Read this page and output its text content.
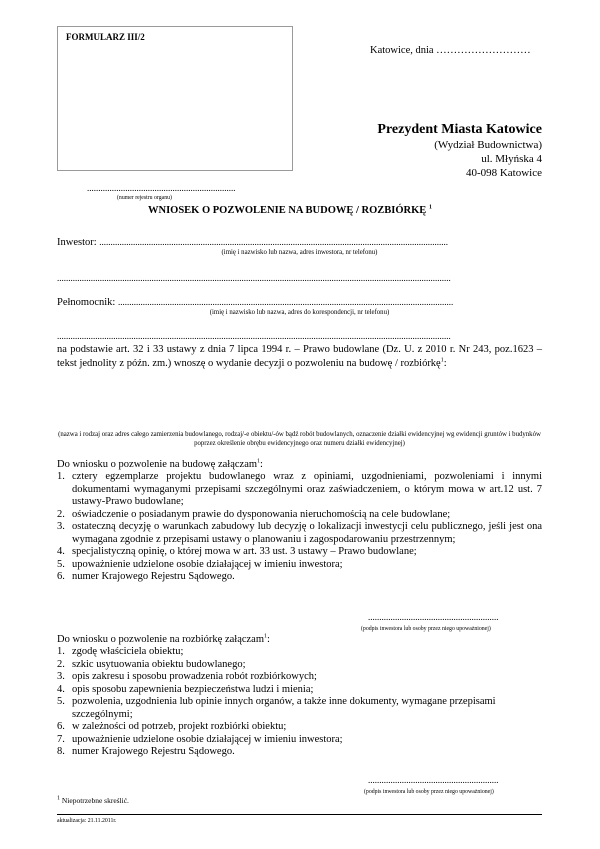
FORMULARZ III/2
Katowice, dnia ………………………
Prezydent Miasta Katowice
(Wydział Budownictwa)
ul. Młyńska 4
40-098 Katowice
..................................................................
(numer rejestru organu)
WNIOSEK O POZWOLENIE NA BUDOWĘ / ROZBIÓRKĘ $^1$
Inwestor: ...........................................................................................................................................................
(imię i nazwisko lub nazwa, adres inwestora, nr telefonu)
...............................................................................................................................................................................
Pełnomocnik: .....................................................................................................................................................
(imię i nazwisko lub nazwa, adres do korespondencji, nr telefonu)
...............................................................................................................................................................................
na podstawie art. 32 i 33 ustawy z dnia 7 lipca 1994 r. – Prawo budowlane (Dz. U. z 2010 r. Nr 243, poz.1623 – tekst jednolity z późn. zm.) wnoszę o wydanie decyzji o pozwoleniu na budowę / rozbiórkę$^1$:
(nazwa i rodzaj oraz adres całego zamierzenia budowlanego, rodzaj/-e obiektu/-ów bądź robót budowlanych, oznaczenie działki ewidencyjnej wg ewidencji gruntów i budynków poprzez określenie obrębu ewidencyjnego oraz numeru działki ewidencyjnej)
Do wniosku o pozwolenie na budowę załączam$^1$:
1. cztery egzemplarze projektu budowlanego wraz z opiniami, uzgodnieniami, pozwoleniami i innymi dokumentami wymaganymi przepisami szczególnymi oraz zaświadczeniem, o którym mowa w art.12 ust. 7 ustawy-Prawo budowlane;
2. oświadczenie o posiadanym prawie do dysponowania nieruchomością na cele budowlane;
3. ostateczną decyzję o warunkach zabudowy lub decyzję o lokalizacji inwestycji celu publicznego, jeśli jest ona wymagana zgodnie z przepisami ustawy o planowaniu i zagospodarowaniu przestrzennym;
4. specjalistyczną opinię, o której mowa w art. 33 ust. 3 ustawy – Prawo budowlane;
5. upoważnienie udzielone osobie działającej w imieniu inwestora;
6. numer Krajowego Rejestru Sądowego.
..........................................................
(podpis inwestora lub osoby przez niego upoważnionej)
Do wniosku o pozwolenie na rozbiórkę załączam$^1$:
1. zgodę właściciela obiektu;
2. szkic usytuowania obiektu budowlanego;
3. opis zakresu i sposobu prowadzenia robót rozbiórkowych;
4. opis sposobu zapewnienia bezpieczeństwa ludzi i mienia;
5. pozwolenia, uzgodnienia lub opinie innych organów, a także inne dokumenty, wymagane przepisami szczególnymi;
6. w zależności od potrzeb, projekt rozbiórki obiektu;
7. upoważnienie udzielone osobie działającej w imieniu inwestora;
8. numer Krajowego Rejestru Sądowego.
..........................................................
(podpis inwestora lub osoby przez niego upoważnionej)
$^1$ Niepotrzebne skreślić.
aktualizacja: 21.11.2011r.
